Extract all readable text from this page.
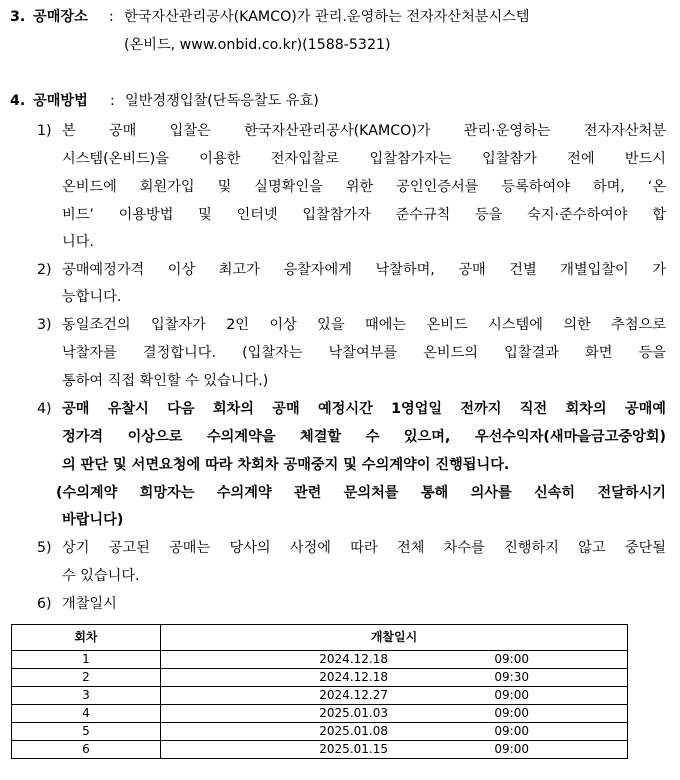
3. 공매장소 : 한국자산관리공사(KAMCO)가 관리.운영하는 전자자산처분시스템
(온비드, www.onbid.co.kr)(1588-5321)
4. 공매방법 : 일반경쟁입찰(단독응찰도 유효)
1) 본 공매 입찰은 한국자산관리공사(KAMCO)가 관리·운영하는 전자자산처분
시스템(온비드)을 이용한 전자입찰로 입찰참가자는 입찰참가 전에 반드시
온비드에 회원가입 및 실명확인을 위한 공인인증서를 등록하여야 하며, ‘온
비드’ 이용방법 및 인터넷 입찰참가자 준수규칙 등을 숙지·준수하여야 합
니다.
2) 공매예정가격 이상 최고가 응찰자에게 낙찰하며, 공매 건별 개별입찰이 가
능합니다.
3) 동일조건의 입찰자가 2인 이상 있을 때에는 온비드 시스템에 의한 추첨으로
낙찰자를 결정합니다. (입찰자는 낙찰여부를 온비드의 입찰결과 화면 등을
통하여 직접 확인할 수 있습니다.)
4) 공매 유찰시 다음 회차의 공매 예정시간 1영업일 전까지 직전 회차의 공매예
정가격 이상으로 수의계약을 체결할 수 있으며, 우선수익자(새마을금고중앙회)
의 판단 및 서면요청에 따라 차회차 공매중지 및 수의계약이 진행됩니다.
(수의계약 희망자는 수의계약 관련 문의처를 통해 의사를 신속히 전달하시기
바랍니다)
5) 상기 공고된 공매는 당사의 사정에 따라 전체 차수를 진행하지 않고 중단될
수 있습니다.
6) 개찰일시
회차	개찰일시	
1	2024.12.18	09:00
2	2024.12.18	09:30
3	2024.12.27	09:00
4	2025.01.03	09:00
5	2025.01.08	09:00
6	2025.01.15	09:00
